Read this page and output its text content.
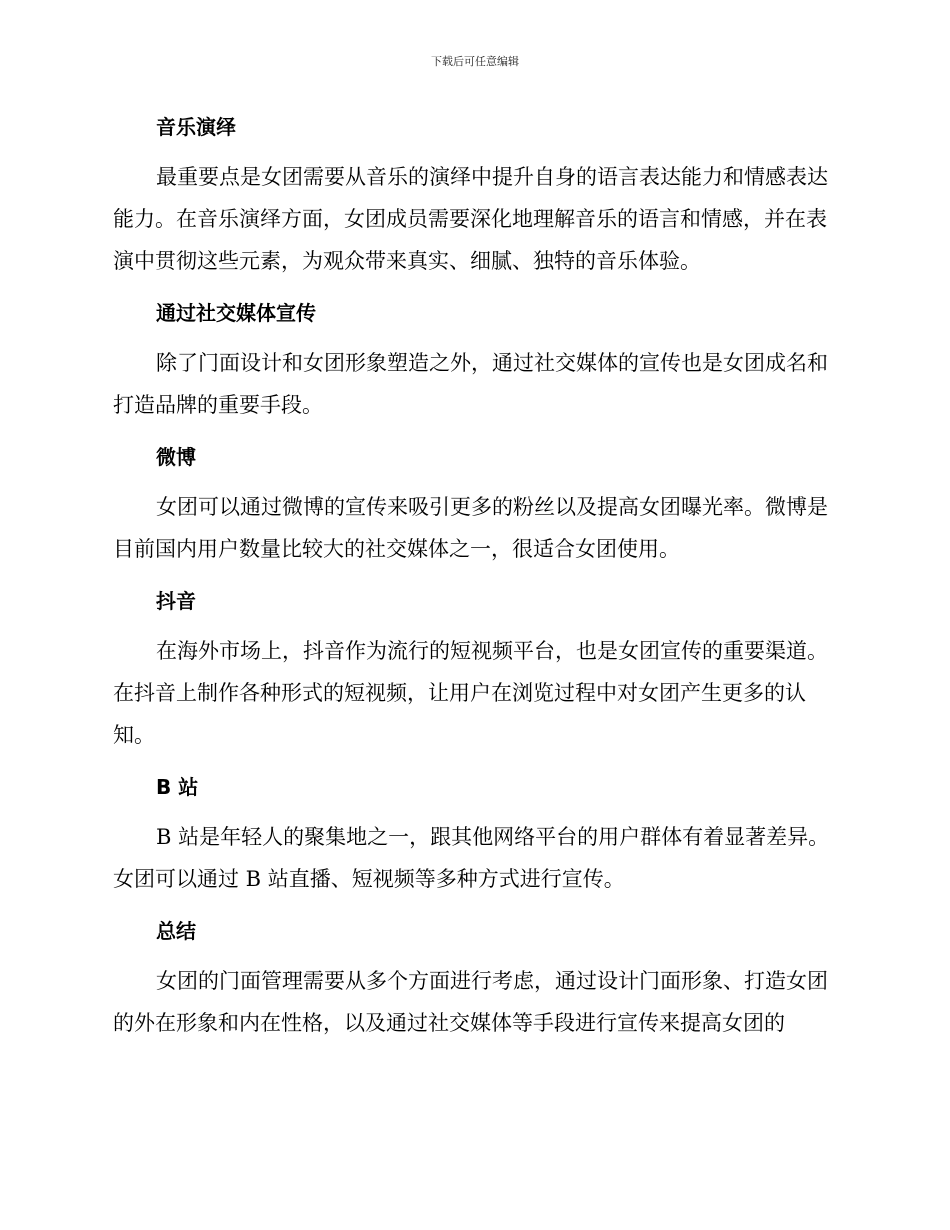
下载后可任意编辑
音乐演绎

最重要点是女团需要从音乐的演绎中提升自身的语言表达能力和情感表达能力。在音乐演绎方面，女团成员需要深化地理解音乐的语言和情感，并在表演中贯彻这些元素，为观众带来真实、细腻、独特的音乐体验。

通过社交媒体宣传

除了门面设计和女团形象塑造之外，通过社交媒体的宣传也是女团成名和打造品牌的重要手段。

微博

女团可以通过微博的宣传来吸引更多的粉丝以及提高女团曝光率。微博是目前国内用户数量比较大的社交媒体之一，很适合女团使用。

抖音

在海外市场上，抖音作为流行的短视频平台，也是女团宣传的重要渠道。在抖音上制作各种形式的短视频，让用户在浏览过程中对女团产生更多的认知。

B 站

B 站是年轻人的聚集地之一，跟其他网络平台的用户群体有着显著差异。女团可以通过 B 站直播、短视频等多种方式进行宣传。

总结

女团的门面管理需要从多个方面进行考虑，通过设计门面形象、打造女团的外在形象和内在性格，以及通过社交媒体等手段进行宣传来提高女团的
